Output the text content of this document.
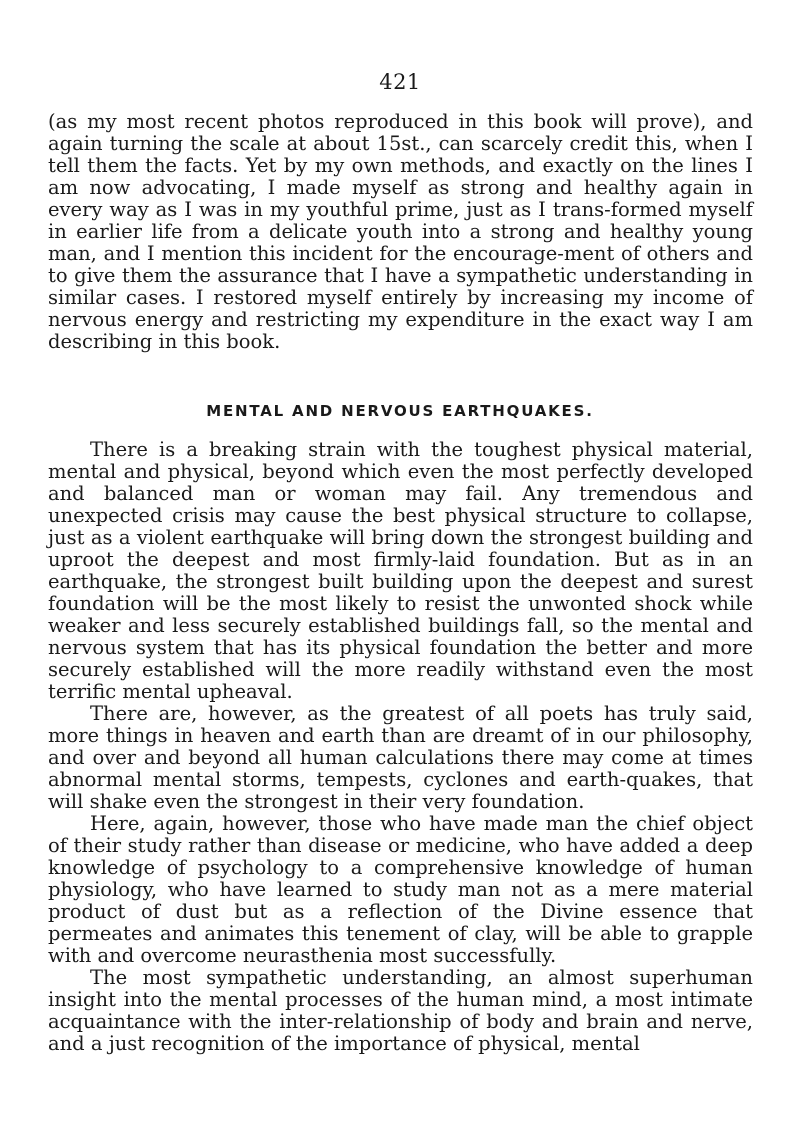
421

(as my most recent photos reproduced in this book will prove), and again turning the scale at about 15st., can scarcely credit this, when I tell them the facts. Yet by my own methods, and exactly on the lines I am now advocating, I made myself as strong and healthy again in every way as I was in my youthful prime, just as I trans-formed myself in earlier life from a delicate youth into a strong and healthy young man, and I mention this incident for the encourage-ment of others and to give them the assurance that I have a sympathetic understanding in similar cases. I restored myself entirely by increasing my income of nervous energy and restricting my expenditure in the exact way I am describing in this book.

MENTAL AND NERVOUS EARTHQUAKES.

There is a breaking strain with the toughest physical material, mental and physical, beyond which even the most perfectly developed and balanced man or woman may fail. Any tremendous and unexpected crisis may cause the best physical structure to collapse, just as a violent earthquake will bring down the strongest building and uproot the deepest and most firmly-laid foundation. But as in an earthquake, the strongest built building upon the deepest and surest foundation will be the most likely to resist the unwonted shock while weaker and less securely established buildings fall, so the mental and nervous system that has its physical foundation the better and more securely established will the more readily withstand even the most terrific mental upheaval.

There are, however, as the greatest of all poets has truly said, more things in heaven and earth than are dreamt of in our philosophy, and over and beyond all human calculations there may come at times abnormal mental storms, tempests, cyclones and earth-quakes, that will shake even the strongest in their very foundation.

Here, again, however, those who have made man the chief object of their study rather than disease or medicine, who have added a deep knowledge of psychology to a comprehensive knowledge of human physiology, who have learned to study man not as a mere material product of dust but as a reflection of the Divine essence that permeates and animates this tenement of clay, will be able to grapple with and overcome neurasthenia most successfully.

The most sympathetic understanding, an almost superhuman insight into the mental processes of the human mind, a most intimate acquaintance with the inter-relationship of body and brain and nerve, and a just recognition of the importance of physical, mental
